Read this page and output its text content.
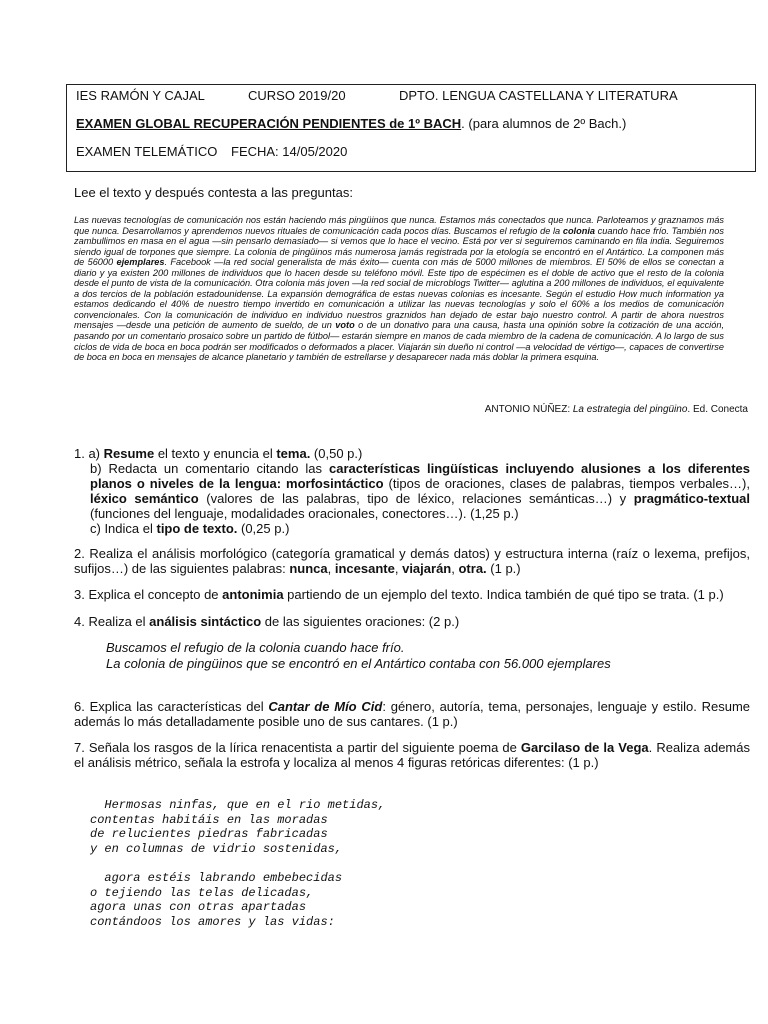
IES RAMÓN Y CAJAL	CURSO 2019/20	DPTO. LENGUA CASTELLANA Y LITERATURA
EXAMEN GLOBAL RECUPERACIÓN PENDIENTES de 1º BACH. (para alumnos de 2º Bach.)
EXAMEN TELEMÁTICO FECHA: 14/05/2020
Lee el texto y después contesta a las preguntas:
Las nuevas tecnologías de comunicación nos están haciendo más pingüinos que nunca. Estamos más conectados que nunca. Parloteamos y graznamos más que nunca. Desarrollamos y aprendemos nuevos rituales de comunicación cada pocos días. Buscamos el refugio de la colonia cuando hace frío. También nos zambullimos en masa en el agua —sin pensarlo demasiado— si vemos que lo hace el vecino. Está por ver si seguiremos caminando en fila india. Seguiremos siendo igual de torpones que siempre. La colonia de pingüinos más numerosa jamás registrada por la etología se encontró en el Antártico. La componen más de 56000 ejemplares. Facebook —la red social generalista de más éxito— cuenta con más de 5000 millones de miembros. El 50% de ellos se conectan a diario y ya existen 200 millones de individuos que lo hacen desde su teléfono móvil. Este tipo de espécimen es el doble de activo que el resto de la colonia desde el punto de vista de la comunicación. Otra colonia más joven —la red social de microblogs Twitter— aglutina a 200 millones de individuos, el equivalente a dos tercios de la población estadounidense. La expansión demográfica de estas nuevas colonias es incesante. Según el estudio How much information ya estamos dedicando el 40% de nuestro tiempo invertido en comunicación a utilizar las nuevas tecnologías y solo el 60% a los medios de comunicación convencionales. Con la comunicación de individuo en individuo nuestros graznidos han dejado de estar bajo nuestro control. A partir de ahora nuestros mensajes —desde una petición de aumento de sueldo, de un voto o de un donativo para una causa, hasta una opinión sobre la cotización de una acción, pasando por un comentario prosaico sobre un partido de fútbol— estarán siempre en manos de cada miembro de la cadena de comunicación. A lo largo de sus ciclos de vida de boca en boca podrán ser modificados o deformados a placer. Viajarán sin dueño ni control —a velocidad de vértigo—, capaces de convertirse de boca en boca en mensajes de alcance planetario y también de estrellarse y desaparecer nada más doblar la primera esquina.
ANTONIO NÚÑEZ: La estrategia del pingüino. Ed. Conecta
1. a) Resume el texto y enuncia el tema. (0,50 p.)
b) Redacta un comentario citando las características lingüísticas incluyendo alusiones a los diferentes planos o niveles de la lengua: morfosintáctico (tipos de oraciones, clases de palabras, tiempos verbales…), léxico semántico (valores de las palabras, tipo de léxico, relaciones semánticas…) y pragmático-textual (funciones del lenguaje, modalidades oracionales, conectores…). (1,25 p.)
c) Indica el tipo de texto. (0,25 p.)
2. Realiza el análisis morfológico (categoría gramatical y demás datos) y estructura interna (raíz o lexema, prefijos, sufijos…) de las siguientes palabras: nunca, incesante, viajarán, otra. (1 p.)
3. Explica el concepto de antonimia partiendo de un ejemplo del texto. Indica también de qué tipo se trata. (1 p.)
4. Realiza el análisis sintáctico de las siguientes oraciones: (2 p.)
Buscamos el refugio de la colonia cuando hace frío.
La colonia de pingüinos que se encontró en el Antártico contaba con 56.000 ejemplares
6. Explica las características del Cantar de Mío Cid: género, autoría, tema, personajes, lenguaje y estilo. Resume además lo más detalladamente posible uno de sus cantares. (1 p.)
7. Señala los rasgos de la lírica renacentista a partir del siguiente poema de Garcilaso de la Vega. Realiza además el análisis métrico, señala la estrofa y localiza al menos 4 figuras retóricas diferentes: (1 p.)
Hermosas ninfas, que en el rio metidas,
contentas habitáis en las moradas
de relucientes piedras fabricadas
y en columnas de vidrio sostenidas,
agora estéis labrando embebecidas
o tejiendo las telas delicadas,
agora unas con otras apartadas
contándoos los amores y las vidas:
